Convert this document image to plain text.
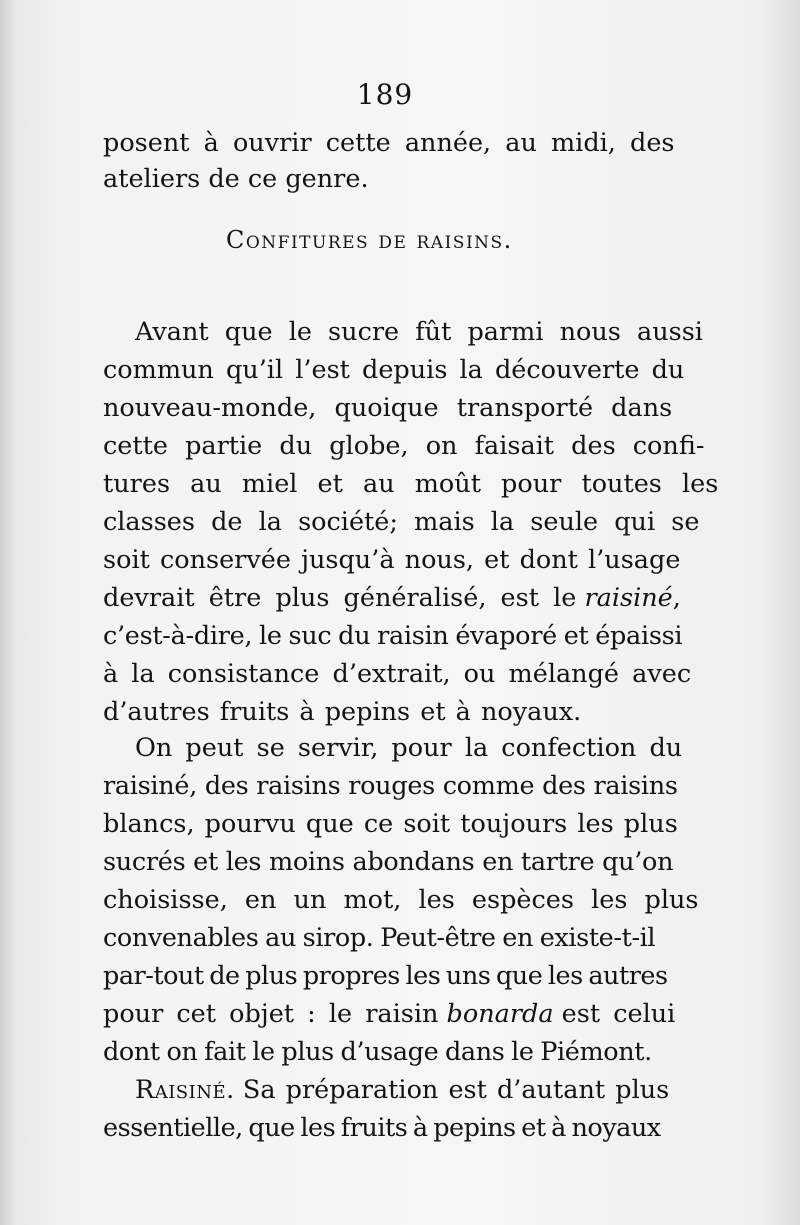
189
posent à ouvrir cette année, au midi, des
ateliers de ce genre.
Confitures de raisins.
Avant que le sucre fût parmi nous aussi
commun qu’il l’est depuis la découverte du
nouveau-monde, quoique transporté dans
cette partie du globe, on faisait des confi-
tures au miel et au moût pour toutes les
classes de la société; mais la seule qui se
soit conservée jusqu’à nous, et dont l’usage
devrait être plus généralisé, est le
raisiné ,
c’est-à-dire, le suc du raisin évaporé et épaissi
à la consistance d’extrait, ou mélangé avec
d’autres fruits à pepins et à noyaux.
On peut se servir, pour la confection du
raisiné, des raisins rouges comme des raisins
blancs, pourvu que ce soit toujours les plus
sucrés et les moins abondans en tartre qu’on
choisisse, en un mot, les espèces les plus
convenables au sirop. Peut-être en existe-t-il
par-tout de plus propres les uns que les autres
pour cet objet : le raisin
bonarda
est celui
dont on fait le plus d’usage dans le Piémont.
Raisiné.
Sa préparation est d’autant plus
essentielle, que les fruits à pepins et à noyaux
